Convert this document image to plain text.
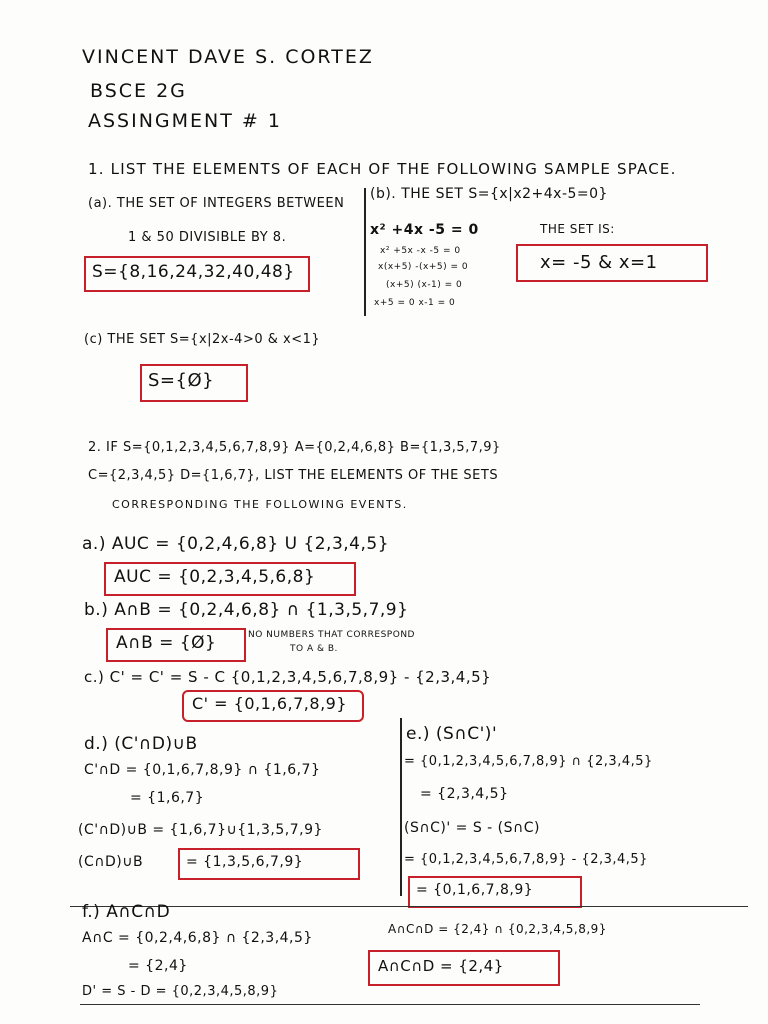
VINCENT DAVE S. CORTEZ
BSCE 2G
ASSINGMENT # 1
1. LIST THE ELEMENTS OF EACH OF THE FOLLOWING SAMPLE SPACE.
(a). THE SET OF INTEGERS BETWEEN
1 & 50 DIVISIBLE BY 8.
S={8,16,24,32,40,48}
(b). THE SET S={x|x2+4x-5=0}
x² +4x -5 = 0	THE SET IS:
x² +5x -x -5 = 0
x(x+5) -(x+5) = 0
(x+5) (x-1) = 0
x+5 = 0 x-1 = 0
x= -5 & x=1
(c) THE SET S={x|2x-4>0 & x<1}
S={Ø}
2. IF S={0,1,2,3,4,5,6,7,8,9} A={0,2,4,6,8} B={1,3,5,7,9}
C={2,3,4,5} D={1,6,7}, LIST THE ELEMENTS OF THE SETS
CORRESPONDING THE FOLLOWING EVENTS.
a.) AUC = {0,2,4,6,8} U {2,3,4,5}
AUC = {0,2,3,4,5,6,8}
b.) A∩B = {0,2,4,6,8} ∩ {1,3,5,7,9}
A∩B = {Ø}	NO NUMBERS THAT CORRESPOND
TO A & B.
c.) C' = C' = S - C {0,1,2,3,4,5,6,7,8,9} - {2,3,4,5}
C' = {0,1,6,7,8,9}
d.) (C'∩D)∪B
C'∩D = {0,1,6,7,8,9} ∩ {1,6,7}
= {1,6,7}
(C'∩D)∪B = {1,6,7}∪{1,3,5,7,9}
(C∩D)∪B	= {1,3,5,6,7,9}
e.) (S∩C')'
= {0,1,2,3,4,5,6,7,8,9} ∩ {2,3,4,5}
= {2,3,4,5}
(S∩C)' = S - (S∩C)
= {0,1,2,3,4,5,6,7,8,9} - {2,3,4,5}
= {0,1,6,7,8,9}
f.) A∩C∩D
A∩C = {0,2,4,6,8} ∩ {2,3,4,5}
= {2,4}
D' = S - D = {0,2,3,4,5,8,9}
A∩C∩D = {2,4} ∩ {0,2,3,4,5,8,9}
A∩C∩D = {2,4}
